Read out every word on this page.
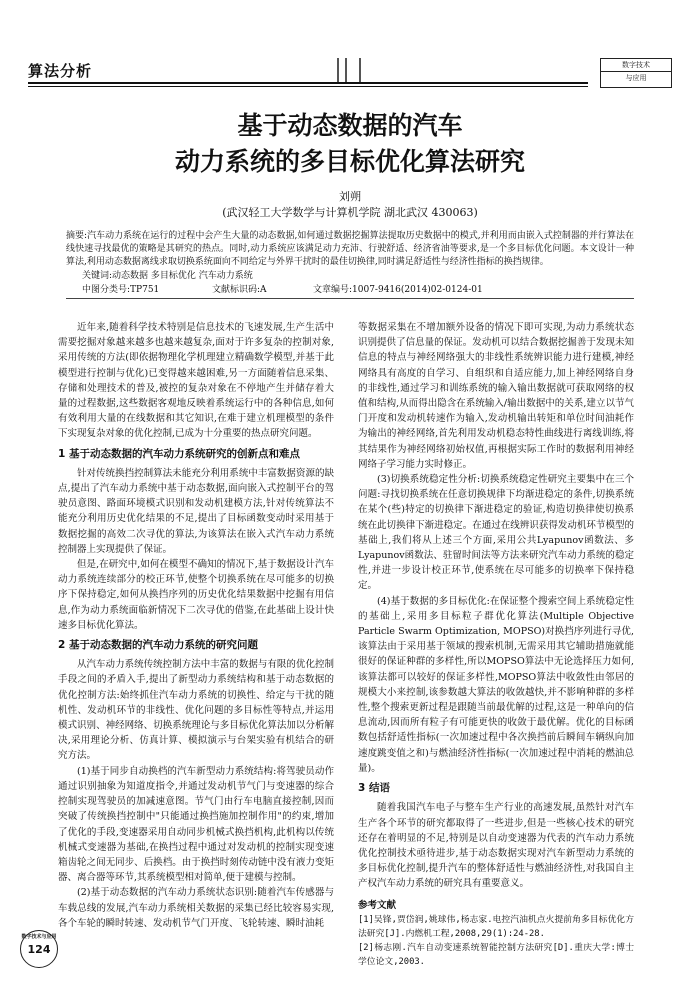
算法分析	数字技术
与应用
基于动态数据的汽车
动力系统的多目标优化算法研究
刘朔
(武汉轻工大学数学与计算机学院 湖北武汉 430063)
摘要:汽车动力系统在运行的过程中会产生大量的动态数据,如何通过数据挖掘算法提取历史数据中的模式,并利用而由嵌入式控制器的并行算法在线快速寻找最优的策略是其研究的热点。同时,动力系统应该满足动力充沛、行驶舒适、经济省油等要求,是一个多目标优化问题。本文设计一种算法,利用动态数据离线求取切换系统面向不同给定与外界干扰时的最佳切换律,同时满足舒适性与经济性指标的换挡规律。
关键词:动态数据 多目标优化 汽车动力系统
中图分类号:TP751	文献标识码:A	文章编号:1007-9416(2014)02-0124-01

近年来,随着科学技术特别是信息技术的飞速发展,生产生活中需要挖掘对象越来越多也越来越复杂,面对于许多复杂的控制对象,采用传统的方法(即依据物理化学机理建立精确数学模型,并基于此模型进行控制与优化)已变得越来越困难,另一方面随着信息采集、存储和处理技术的普及,被控的复杂对象在不停地产生并储存着大量的过程数据,这些数据客观地反映着系统运行中的各种信息,如何有效利用大量的在线数据和其它知识,在难于建立机理模型的条件下实现复杂对象的优化控制,已成为十分重要的热点研究问题。

1 基于动态数据的汽车动力系统研究的创新点和难点

针对传统换挡控制算法未能充分利用系统中丰富数据资源的缺点,提出了汽车动力系统中基于动态数据,面向嵌入式控制平台的驾驶员意图、路面环境模式识别和发动机建模方法,针对传统算法不能充分利用历史优化结果的不足,提出了目标函数变动时采用基于数据挖掘的高效二次寻优的算法,为该算法在嵌入式汽车动力系统控制器上实现提供了保证。

但是,在研究中,如何在模型不确知的情况下,基于数据设计汽车动力系统连续部分的校正环节,使整个切换系统在尽可能多的切换序下保持稳定,如何从换挡序列的历史优化结果数据中挖掘有用信息,作为动力系统面临新情况下二次寻优的借鉴,在此基础上设计快速多目标优化算法。

2 基于动态数据的汽车动力系统的研究问题

从汽车动力系统传统控制方法中丰富的数据与有限的优化控制手段之间的矛盾入手,提出了新型动力系统结构和基于动态数据的优化控制方法:始终抓住汽车动力系统的切换性、给定与干扰的随机性、发动机环节的非线性、优化问题的多目标性等特点,并运用模式识别、神经网络、切换系统理论与多目标优化算法加以分析解决,采用理论分析、仿真计算、模拟演示与台架实验有机结合的研究方法。

(1)基于同步自动换档的汽车新型动力系统结构:将驾驶员动作通过识别抽象为知道度指令,并通过发动机节气门与变速器的综合控制实现驾驶员的加减速意图。节气门由行车电脑直接控制,因而突破了传统换挡控制中"只能通过换挡施加控制作用"的约束,增加了优化的手段,变速器采用自动同步机械式换挡机构,此机构以传统机械式变速器为基础,在换挡过程中通过对发动机的控制实现变速箱齿轮之间无同步、后换档。由于换挡时刻传动链中没有液力变矩器、离合器等环节,其系统模型相对简单,便于建模与控制。

(2)基于动态数据的汽车动力系统状态识别:随着汽车传感器与车载总线的发展,汽车动力系统相关数据的采集已经比较容易实现,各个车轮的瞬时转速、发动机节气门开度、飞轮转速、瞬时油耗

等数据采集在不增加额外设备的情况下即可实现,为动力系统状态识别提供了信息量的保证。发动机可以结合数据挖掘善于发现未知信息的特点与神经网络强大的非线性系统辨识能力进行建模,神经网络具有高度的自学习、自组织和自适应能力,加上神经网络自身的非线性,通过学习和训练系统的输入输出数据就可获取网络的权值和结构,从而得出隐含在系统输入/输出数据中的关系,建立以节气门开度和发动机转速作为输入,发动机输出转矩和单位时间油耗作为输出的神经网络,首先利用发动机稳态特性曲线进行离线训练,将其结果作为神经网络初始权值,再根据实际工作时的数据利用神经网络子学习能力实时修正。

(3)切换系统稳定性分析:切换系统稳定性研究主要集中在三个问题:寻找切换系统在任意切换规律下均渐进稳定的条件,切换系统在某个(些)特定的切换律下渐进稳定的验证,构造切换律使切换系统在此切换律下渐进稳定。在通过在线辨识获得发动机环节模型的基础上,我们将从上述三个方面,采用公共Lyapunov函数法、多Lyapunov函数法、驻留时间法等方法来研究汽车动力系统的稳定性,并进一步设计校正环节,使系统在尽可能多的切换率下保持稳定。

(4)基于数据的多目标优化:在保证整个搜索空间上系统稳定性的基础上,采用多目标粒子群优化算法(Multiple Objective Particle Swarm Optimization, MOPSO)对换挡序列进行寻优,该算法由于采用基于领域的搜索机制,无需采用其它辅助措施就能很好的保证种群的多样性,所以MOPSO算法中无论选择压力如何,该算法都可以较好的保证多样性,MOPSO算法中收敛性由邻居的规模大小来控制,该参数越大算法的收敛越快,并不影响种群的多样性,整个搜索更新过程是跟随当前最优解的过程,这是一种单向的信息流动,因而所有粒子有可能更快的收敛于最优解。优化的目标函数包括舒适性指标(一次加速过程中各次换挡前后瞬间车辆纵向加速度跳变值之和)与燃油经济性指标(一次加速过程中消耗的燃油总量)。

3 结语

随着我国汽车电子与整车生产行业的高速发展,虽然针对汽车生产各个环节的研究都取得了一些进步,但是一些核心技术的研究还存在着明显的不足,特别是以自动变速器为代表的汽车动力系统优化控制技术亟待进步,基于动态数据实现对汽车新型动力系统的多目标优化控制,提升汽车的整体舒适性与燃油经济性,对我国自主产权汽车动力系统的研究具有重要意义。

参考文献

[1]吴锋,贾岱润,姚球伟,杨志家.电控汽油机点火提前角多目标优化方法研究[J].内燃机工程,2008,29(1):24-28.

[2]杨志刚.汽车自动变速系统智能控制方法研究[D].重庆大学:博士学位论文,2003.

数字技术与应用
124
